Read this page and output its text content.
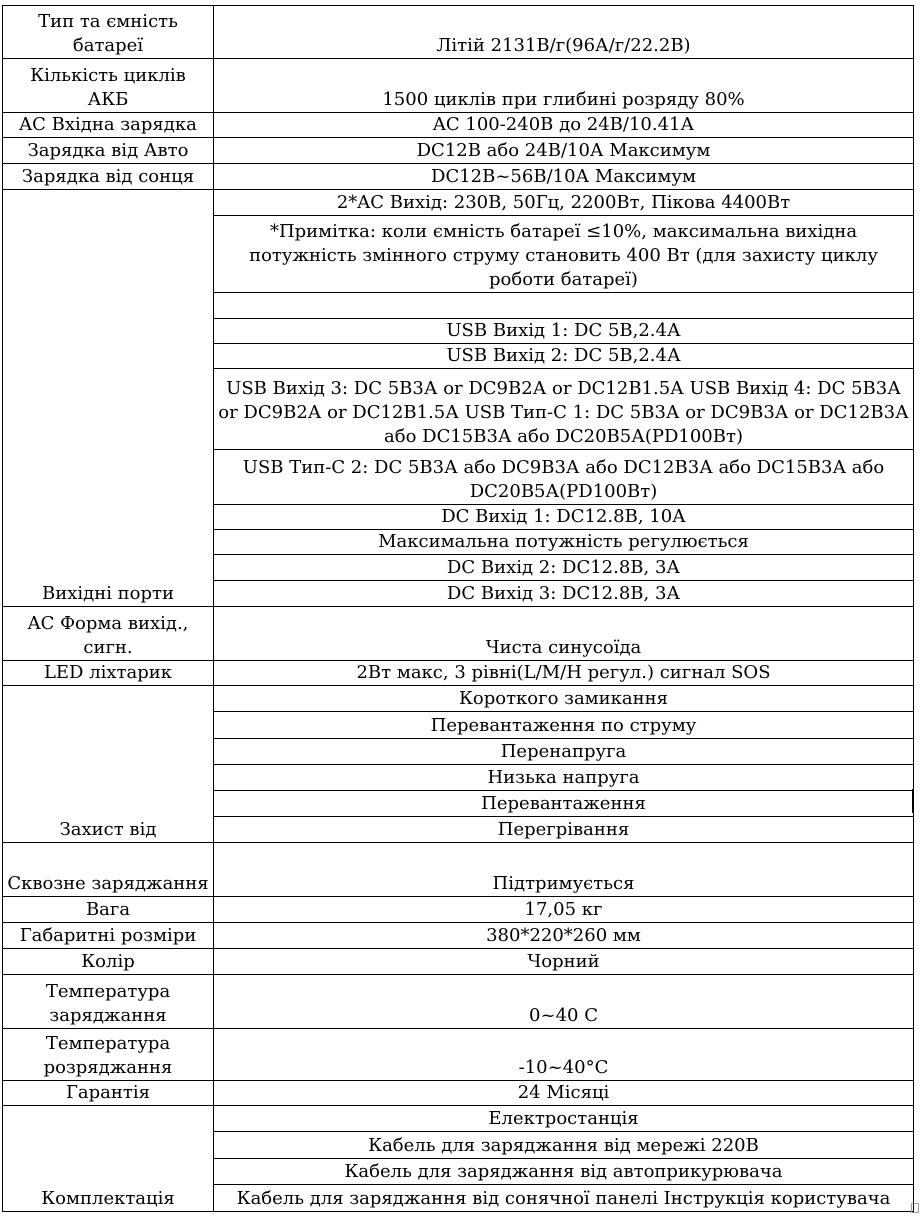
Тип та ємність батареї	Літій 2131В/г(96А/г/22.2В)
Кількість циклів АКБ	1500 циклів при глибині розряду 80%
AC Вхідна зарядка	AC 100-240В до 24В/10.41А
Зарядка від Авто	DC12В або 24В/10А Максимум
Зарядка від сонця	DC12В~56В/10А Максимум
Вихідні порти	2*AC Вихід: 230В, 50Гц, 2200Вт, Пікова 4400Вт
	*Примітка: коли ємність батареї ≤10%, максимальна вихідна потужність змінного струму становить 400 Вт (для захисту циклу роботи батареї)

	USB Вихід 1: DC 5В,2.4А
	USB Вихід 2: DC 5В,2.4А
	USB Вихід 3: DC 5В3А or DC9В2А or DC12В1.5А USB Вихід 4: DC 5В3А or DC9В2А or DC12В1.5А USB Тип-С 1: DC 5В3А or DC9В3А or DC12В3А або DC15В3А або DC20В5А(PD100Вт)
	USB Тип-С 2: DC 5В3А або DC9В3А або DC12В3А або DC15В3А або DC20В5А(PD100Вт)
	DC Вихід 1: DC12.8В, 10А
	Максимальна потужність регулюється
	DC Вихід 2: DC12.8В, 3А
	DC Вихід 3: DC12.8В, 3А
AC Форма вихід., сигн.	Чиста синусоїда
LED ліхтарик	2Вт макс, 3 рівні(L/M/H регул.) сигнал SOS
Захист від	Короткого замикання
	Перевантаження по струму
	Перенапруга
	Низька напруга
	Перевантаження
	Перегрівання
Сквозне заряджання	Підтримується
Вага	17,05 кг
Габаритні розміри	380*220*260 мм
Колір	Чорний
Температура заряджання	0~40 С
Температура розряджання	-10~40°С
Гарантія	24 Місяці
Комплектація	Електростанція
	Кабель для заряджання від мережі 220В
	Кабель для заряджання від автоприкурювача
	Кабель для заряджання від сонячної панелі Інструкція користувача
